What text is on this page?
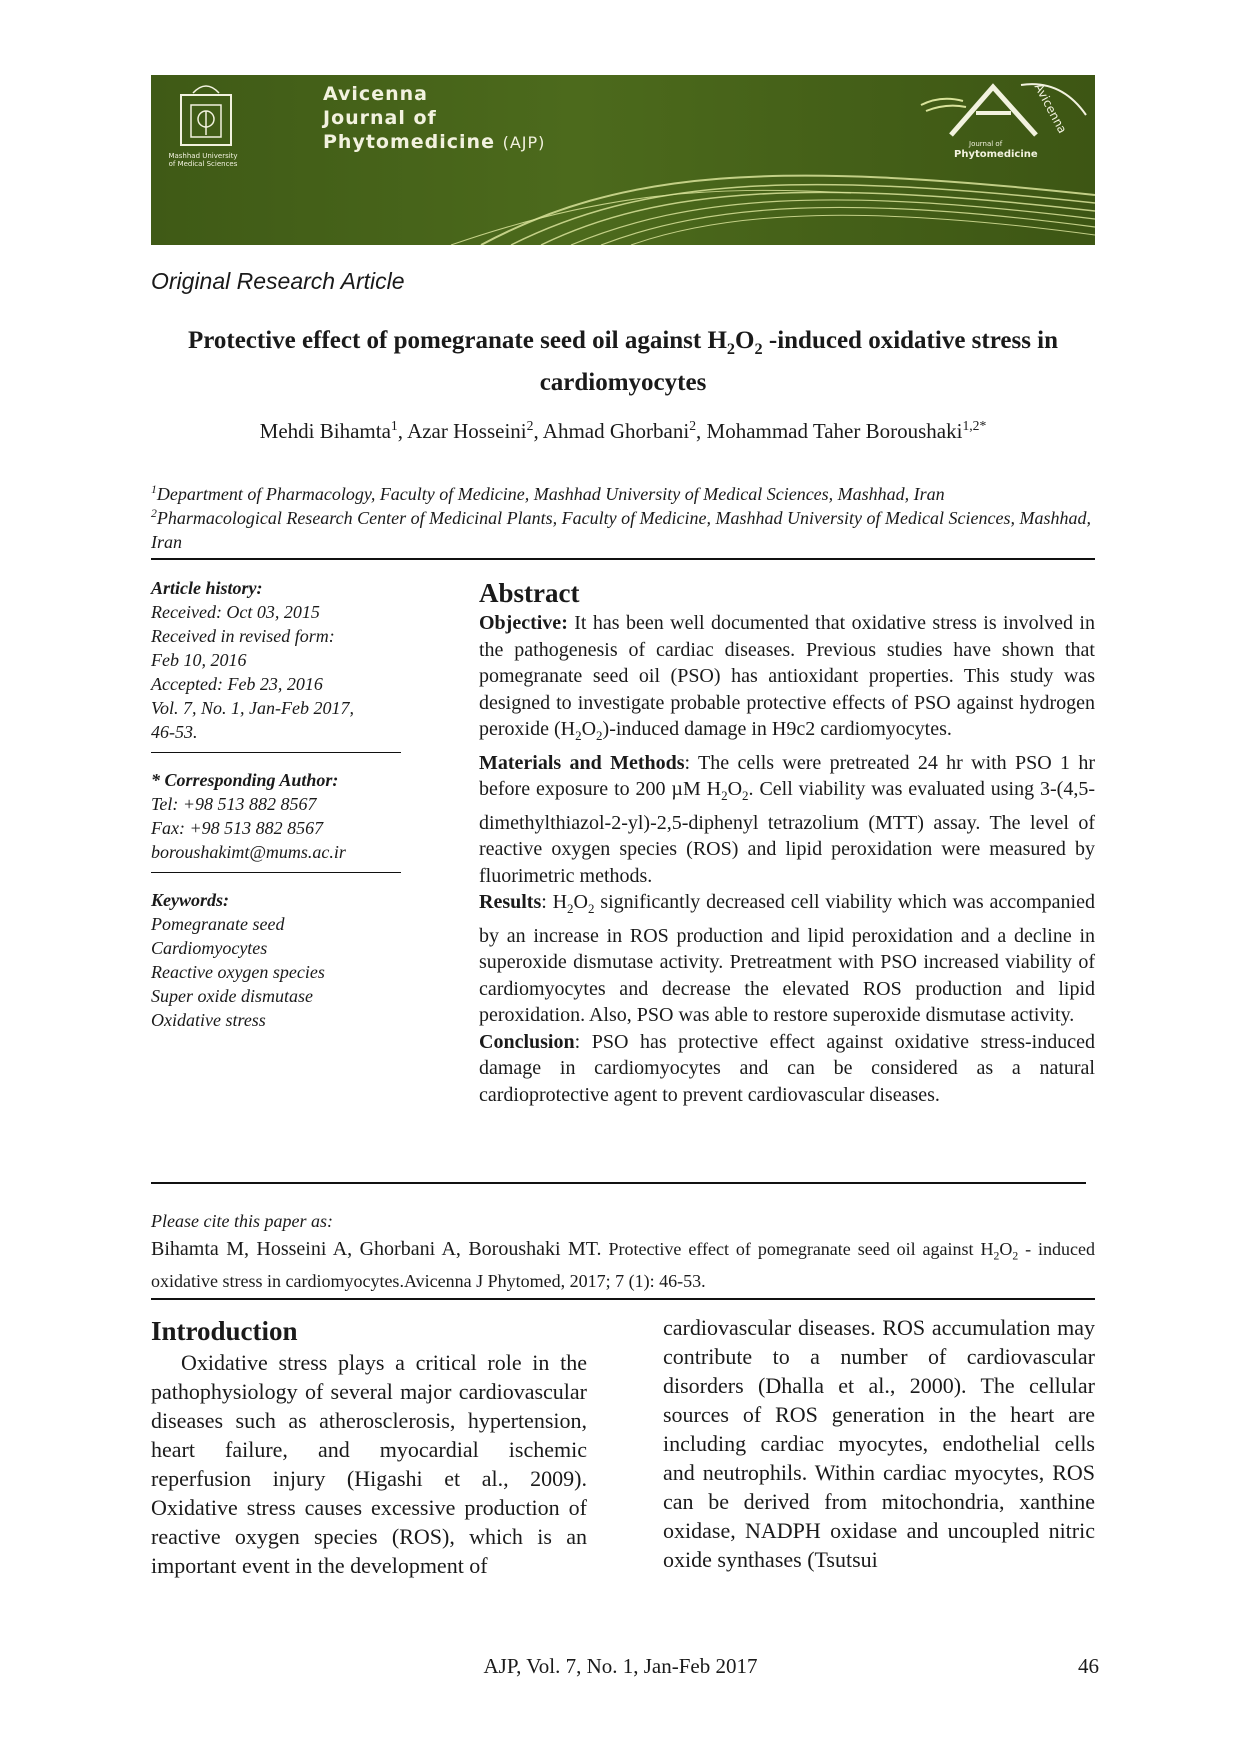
Mashhad University of Medical Sciences
Avicenna
Journal of
Phytomedicine (AJP)
Avicenna
Journal of
Phytomedicine
Original Research Article
Protective effect of pomegranate seed oil against $H_2O_2$ -induced oxidative stress in cardiomyocytes
Mehdi Bihamta$^1$, Azar Hosseini$^2$, Ahmad Ghorbani$^2$, Mohammad Taher Boroushaki$^{1,2*}$
$^1$Department of Pharmacology, Faculty of Medicine, Mashhad University of Medical Sciences, Mashhad, Iran
$^2$Pharmacological Research Center of Medicinal Plants, Faculty of Medicine, Mashhad University of Medical Sciences, Mashhad, Iran
Article history:
Received: Oct 03, 2015
Received in revised form:
Feb 10, 2016
Accepted: Feb 23, 2016
Vol. 7, No. 1, Jan-Feb 2017,
46-53.
* Corresponding Author:
Tel: +98 513 882 8567
Fax: +98 513 882 8567
boroushakimt@mums.ac.ir
Keywords:
Pomegranate seed
Cardiomyocytes
Reactive oxygen species
Super oxide dismutase
Oxidative stress
Abstract

Objective: It has been well documented that oxidative stress is involved in the pathogenesis of cardiac diseases. Previous studies have shown that pomegranate seed oil (PSO) has antioxidant properties. This study was designed to investigate probable protective effects of PSO against hydrogen peroxide $(H_2O_2)$-induced damage in H9c2 cardiomyocytes.

Materials and Methods: The cells were pretreated 24 hr with PSO 1 hr before exposure to 200 µM $H_2O_2$. Cell viability was evaluated using 3-(4,5-dimethylthiazol-2-yl)-2,5-diphenyl tetrazolium (MTT) assay. The level of reactive oxygen species (ROS) and lipid peroxidation were measured by fluorimetric methods.

Results: $H_2O_2$ significantly decreased cell viability which was accompanied by an increase in ROS production and lipid peroxidation and a decline in superoxide dismutase activity. Pretreatment with PSO increased viability of cardiomyocytes and decrease the elevated ROS production and lipid peroxidation. Also, PSO was able to restore superoxide dismutase activity.

Conclusion: PSO has protective effect against oxidative stress-induced damage in cardiomyocytes and can be considered as a natural cardioprotective agent to prevent cardiovascular diseases.

Please cite this paper as:
Bihamta M, Hosseini A, Ghorbani A, Boroushaki MT. Protective effect of pomegranate seed oil against $H_2O_2$ - induced oxidative stress in cardiomyocytes.Avicenna J Phytomed, 2017; 7 (1): 46-53.
Introduction
Oxidative stress plays a critical role in the pathophysiology of several major cardiovascular diseases such as atherosclerosis, hypertension, heart failure, and myocardial ischemic reperfusion injury (Higashi et al., 2009). Oxidative stress causes excessive production of reactive oxygen species (ROS), which is an important event in the development of
cardiovascular diseases. ROS accumulation may contribute to a number of cardiovascular disorders (Dhalla et al., 2000). The cellular sources of ROS generation in the heart are including cardiac myocytes, endothelial cells and neutrophils. Within cardiac myocytes, ROS can be derived from mitochondria, xanthine oxidase, NADPH oxidase and uncoupled nitric oxide synthases (Tsutsui
AJP, Vol. 7, No. 1, Jan-Feb 2017	46
